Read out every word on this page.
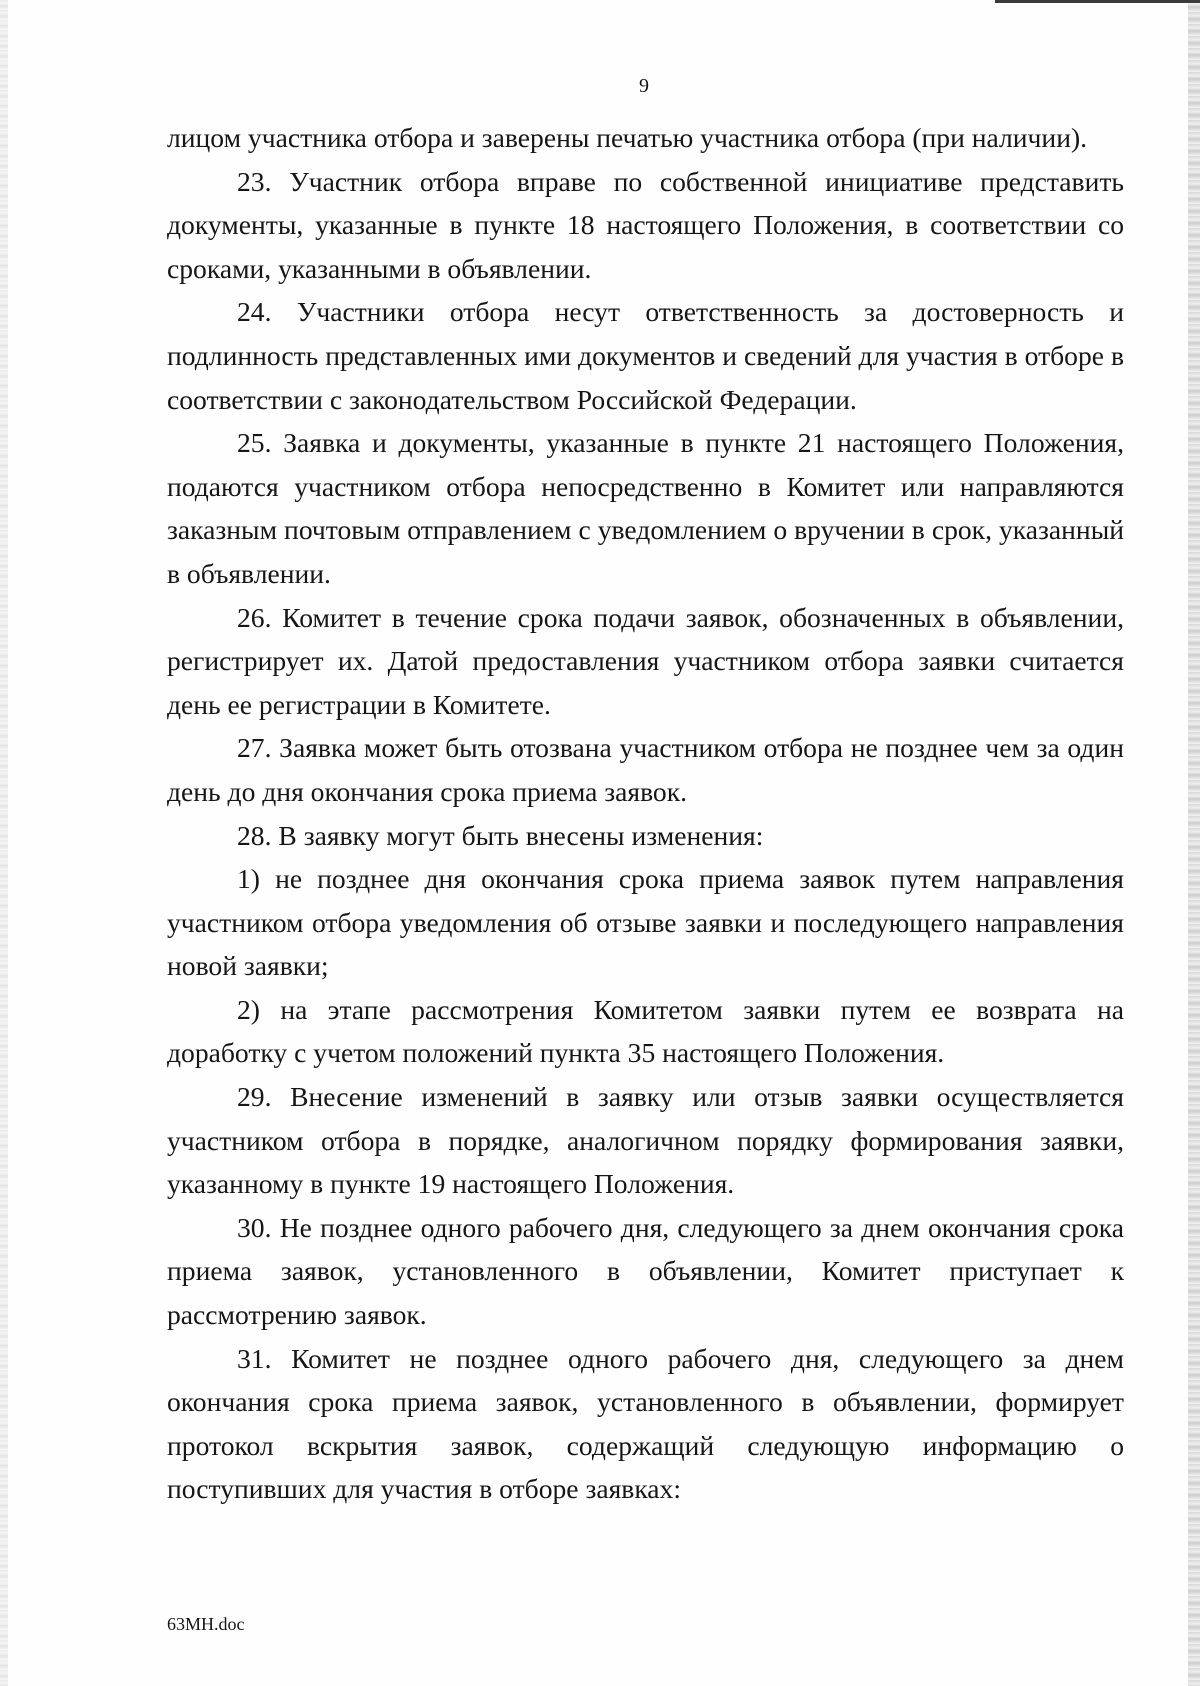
9

лицом участника отбора и заверены печатью участника отбора (при наличии).

23. Участник отбора вправе по собственной инициативе представить документы, указанные в пункте 18 настоящего Положения, в соответствии со сроками, указанными в объявлении.

24. Участники отбора несут ответственность за достоверность и подлинность представленных ими документов и сведений для участия в отборе в соответствии с законодательством Российской Федерации.

25. Заявка и документы, указанные в пункте 21 настоящего Положения, подаются участником отбора непосредственно в Комитет или направляются заказным почтовым отправлением с уведомлением о вручении в срок, указанный в объявлении.

26. Комитет в течение срока подачи заявок, обозначенных в объявлении, регистрирует их. Датой предоставления участником отбора заявки считается день ее регистрации в Комитете.

27. Заявка может быть отозвана участником отбора не позднее чем за один день до дня окончания срока приема заявок.

28. В заявку могут быть внесены изменения:

1) не позднее дня окончания срока приема заявок путем направления участником отбора уведомления об отзыве заявки и последующего направления новой заявки;

2) на этапе рассмотрения Комитетом заявки путем ее возврата на доработку с учетом положений пункта 35 настоящего Положения.

29. Внесение изменений в заявку или отзыв заявки осуществляется участником отбора в порядке, аналогичном порядку формирования заявки, указанному в пункте 19 настоящего Положения.

30. Не позднее одного рабочего дня, следующего за днем окончания срока приема заявок, установленного в объявлении, Комитет приступает к рассмотрению заявок.

31. Комитет не позднее одного рабочего дня, следующего за днем окончания срока приема заявок, установленного в объявлении, формирует протокол вскрытия заявок, содержащий следующую информацию о поступивших для участия в отборе заявках:

63МН.doc
